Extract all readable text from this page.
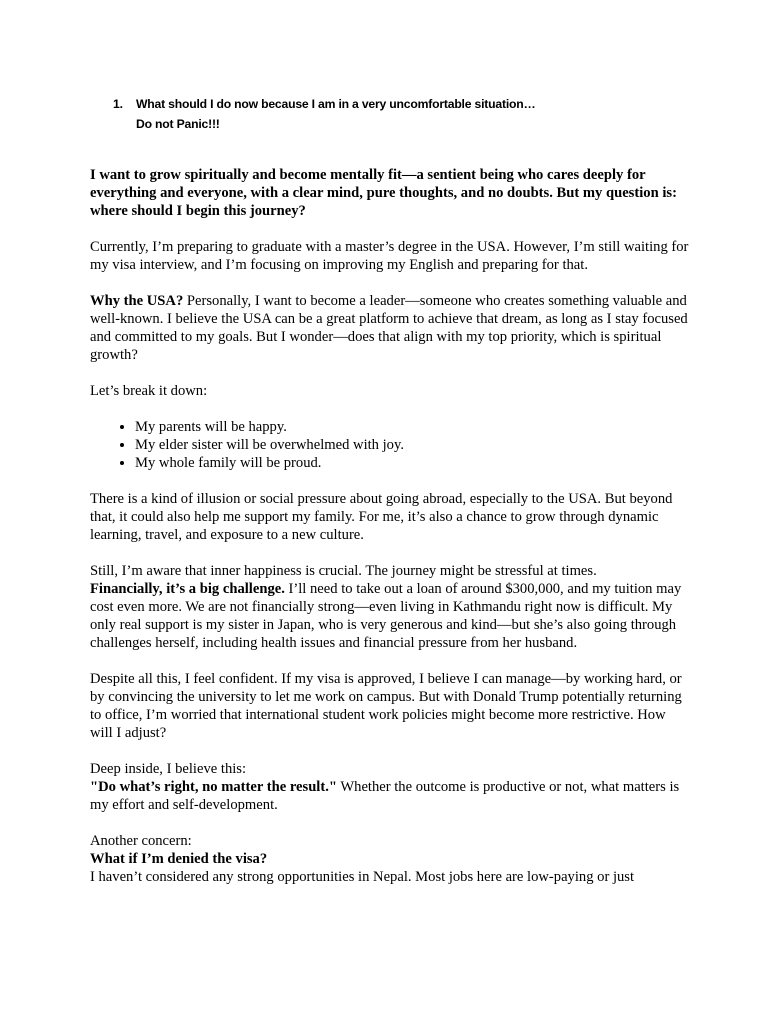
1. What should I do now because I am in a very uncomfortable situation…
Do not Panic!!!

I want to grow spiritually and become mentally fit—a sentient being who cares deeply for everything and everyone, with a clear mind, pure thoughts, and no doubts. But my question is: where should I begin this journey?

Currently, I’m preparing to graduate with a master’s degree in the USA. However, I’m still waiting for my visa interview, and I’m focusing on improving my English and preparing for that.

Why the USA? Personally, I want to become a leader—someone who creates something valuable and well-known. I believe the USA can be a great platform to achieve that dream, as long as I stay focused and committed to my goals. But I wonder—does that align with my top priority, which is spiritual growth?

Let’s break it down:

• My parents will be happy.
• My elder sister will be overwhelmed with joy.
• My whole family will be proud.

There is a kind of illusion or social pressure about going abroad, especially to the USA. But beyond that, it could also help me support my family. For me, it’s also a chance to grow through dynamic learning, travel, and exposure to a new culture.

Still, I’m aware that inner happiness is crucial. The journey might be stressful at times.
Financially, it’s a big challenge. I’ll need to take out a loan of around $300,000, and my tuition may cost even more. We are not financially strong—even living in Kathmandu right now is difficult. My only real support is my sister in Japan, who is very generous and kind—but she’s also going through challenges herself, including health issues and financial pressure from her husband.

Despite all this, I feel confident. If my visa is approved, I believe I can manage—by working hard, or by convincing the university to let me work on campus. But with Donald Trump potentially returning to office, I’m worried that international student work policies might become more restrictive. How will I adjust?

Deep inside, I believe this:
"Do what’s right, no matter the result." Whether the outcome is productive or not, what matters is my effort and self-development.

Another concern:
What if I’m denied the visa?
I haven’t considered any strong opportunities in Nepal. Most jobs here are low-paying or just
